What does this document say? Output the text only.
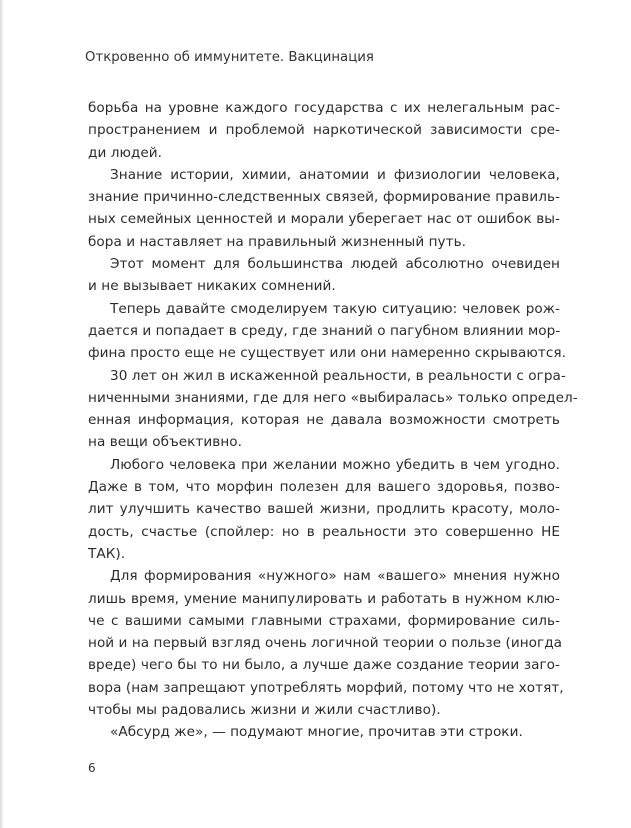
Откровенно об иммунитете. Вакцинация
борьба на уровне каждого государства с их нелегальным рас-
пространением и проблемой наркотической зависимости сре-
ди людей.
Знание истории, химии, анатомии и физиологии человека,
знание причинно-следственных связей, формирование правиль-
ных семейных ценностей и морали уберегает нас от ошибок вы-
бора и наставляет на правильный жизненный путь.
Этот момент для большинства людей абсолютно очевиден
и не вызывает никаких сомнений.
Теперь давайте смоделируем такую ситуацию: человек рож-
дается и попадает в среду, где знаний о пагубном влиянии мор-
фина просто еще не существует или они намеренно скрываются.
30 лет он жил в искаженной реальности, в реальности с огра-
ниченными знаниями, где для него «выбиралась» только определ-
енная информация, которая не давала возможности смотреть
на вещи объективно.
Любого человека при желании можно убедить в чем угодно.
Даже в том, что морфин полезен для вашего здоровья, позво-
лит улучшить качество вашей жизни, продлить красоту, моло-
дость, счастье (спойлер: но в реальности это совершенно НЕ
ТАК).
Для формирования «нужного» нам «вашего» мнения нужно
лишь время, умение манипулировать и работать в нужном клю-
че с вашими самыми главными страхами, формирование силь-
ной и на первый взгляд очень логичной теории о пользе (иногда
вреде) чего бы то ни было, а лучше даже создание теории заго-
вора (нам запрещают употреблять морфий, потому что не хотят,
чтобы мы радовались жизни и жили счастливо).
«Абсурд же», — подумают многие, прочитав эти строки.
6
